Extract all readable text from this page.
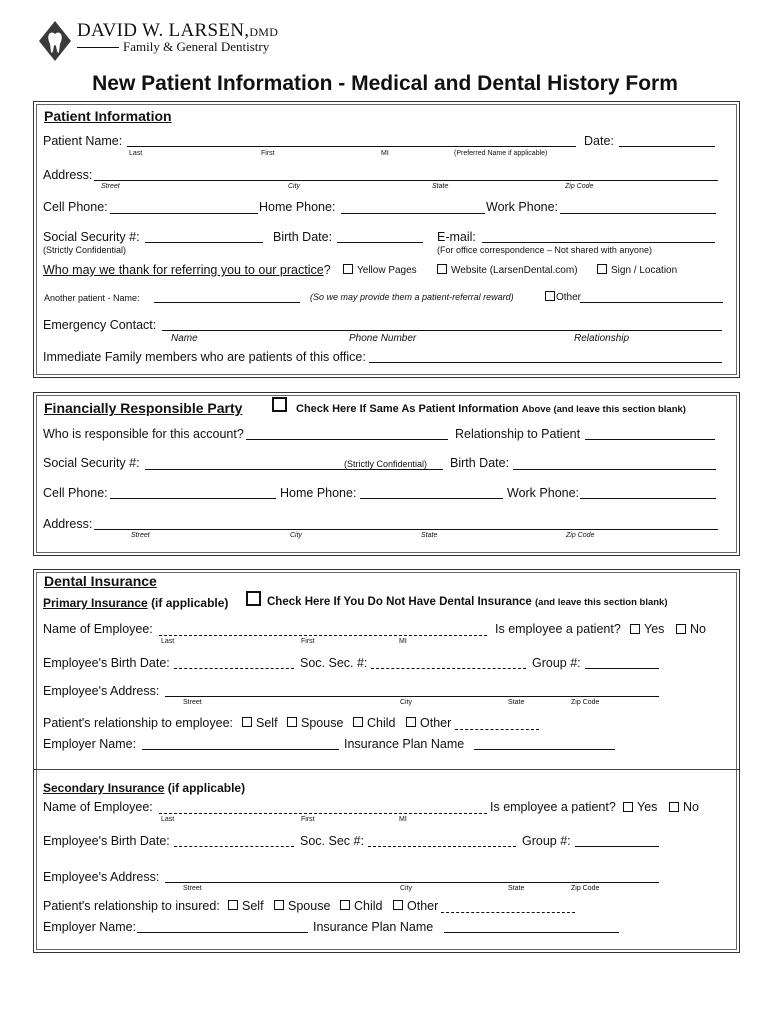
DAVID W. LARSEN,DMD
Family & General Dentistry
New Patient Information - Medical and Dental History Form
Patient Information
Patient Name:	Date:
Last	First	MI	(Preferred Name if applicable)
Address:
Street	City	State	Zip Code
Cell Phone:	Home Phone:	Work Phone:
Social Security #:
(Strictly Confidential)
Birth Date:	E-mail:
(For office correspondence – Not shared with anyone)
Who may we thank for referring you to our practice?	Yellow Pages	Website (LarsenDental.com)	Sign / Location
Another patient - Name:	(So we may provide them a patient-referral reward)	Other
Emergency Contact:
Name	Phone Number	Relationship
Immediate Family members who are patients of this office:
Financially Responsible Party	Check Here If Same As Patient Information Above (and leave this section blank)
Who is responsible for this account?	Relationship to Patient
Social Security #:	(Strictly Confidential) Birth Date:
Cell Phone:	Home Phone:	Work Phone:
Address:
Street	City	State	Zip Code
Dental Insurance
Primary Insurance (if applicable)	Check Here If You Do Not Have Dental Insurance (and leave this section blank)
Name of Employee:
Last	First	MI
Is employee a patient? Yes No
Employee's Birth Date:	Soc. Sec. #:	Group #:
Employee's Address:
Street	City	State	Zip Code
Patient's relationship to employee: Self Spouse Child Other
Employer Name:	Insurance Plan Name
Secondary Insurance (if applicable)
Name of Employee:
Last	First	MI
Is employee a patient? Yes No
Employee's Birth Date:	Soc. Sec #:	Group #:
Employee's Address:
Street	City	State	Zip Code
Patient's relationship to insured: Self Spouse Child Other
Employer Name:	Insurance Plan Name
